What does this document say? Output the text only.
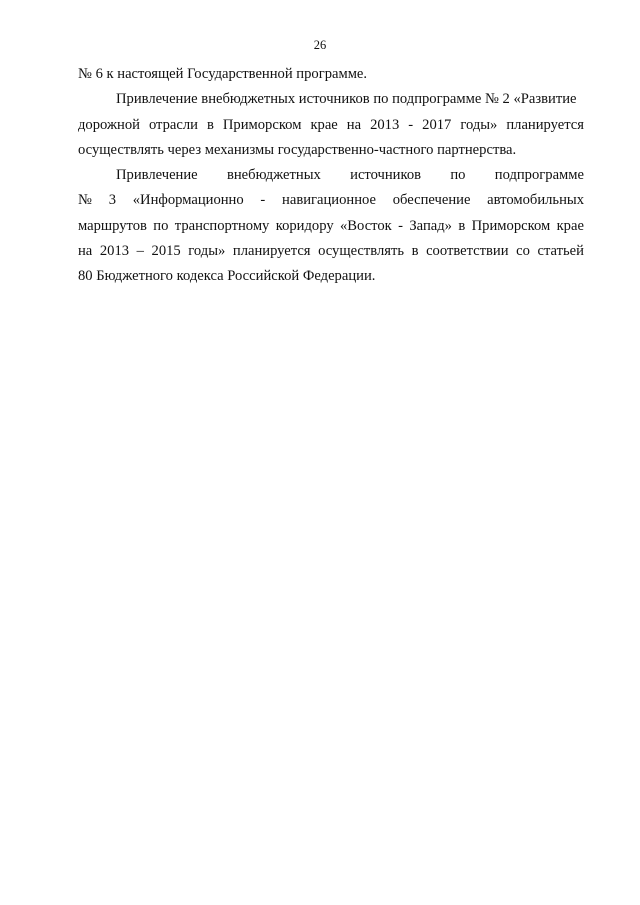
26
№ 6 к настоящей Государственной программе.
Привлечение внебюджетных источников по подпрограмме № 2 «Развитие
дорожной отрасли в Приморском крае на 2013 - 2017 годы» планируется
осуществлять через механизмы государственно-частного партнерства.
Привлечение внебюджетных источников по подпрограмме
№ 3 «Информационно - навигационное обеспечение автомобильных
маршрутов по транспортному коридору «Восток - Запад» в Приморском крае
на 2013 – 2015 годы» планируется осуществлять в соответствии со статьей
80 Бюджетного кодекса Российской Федерации.
